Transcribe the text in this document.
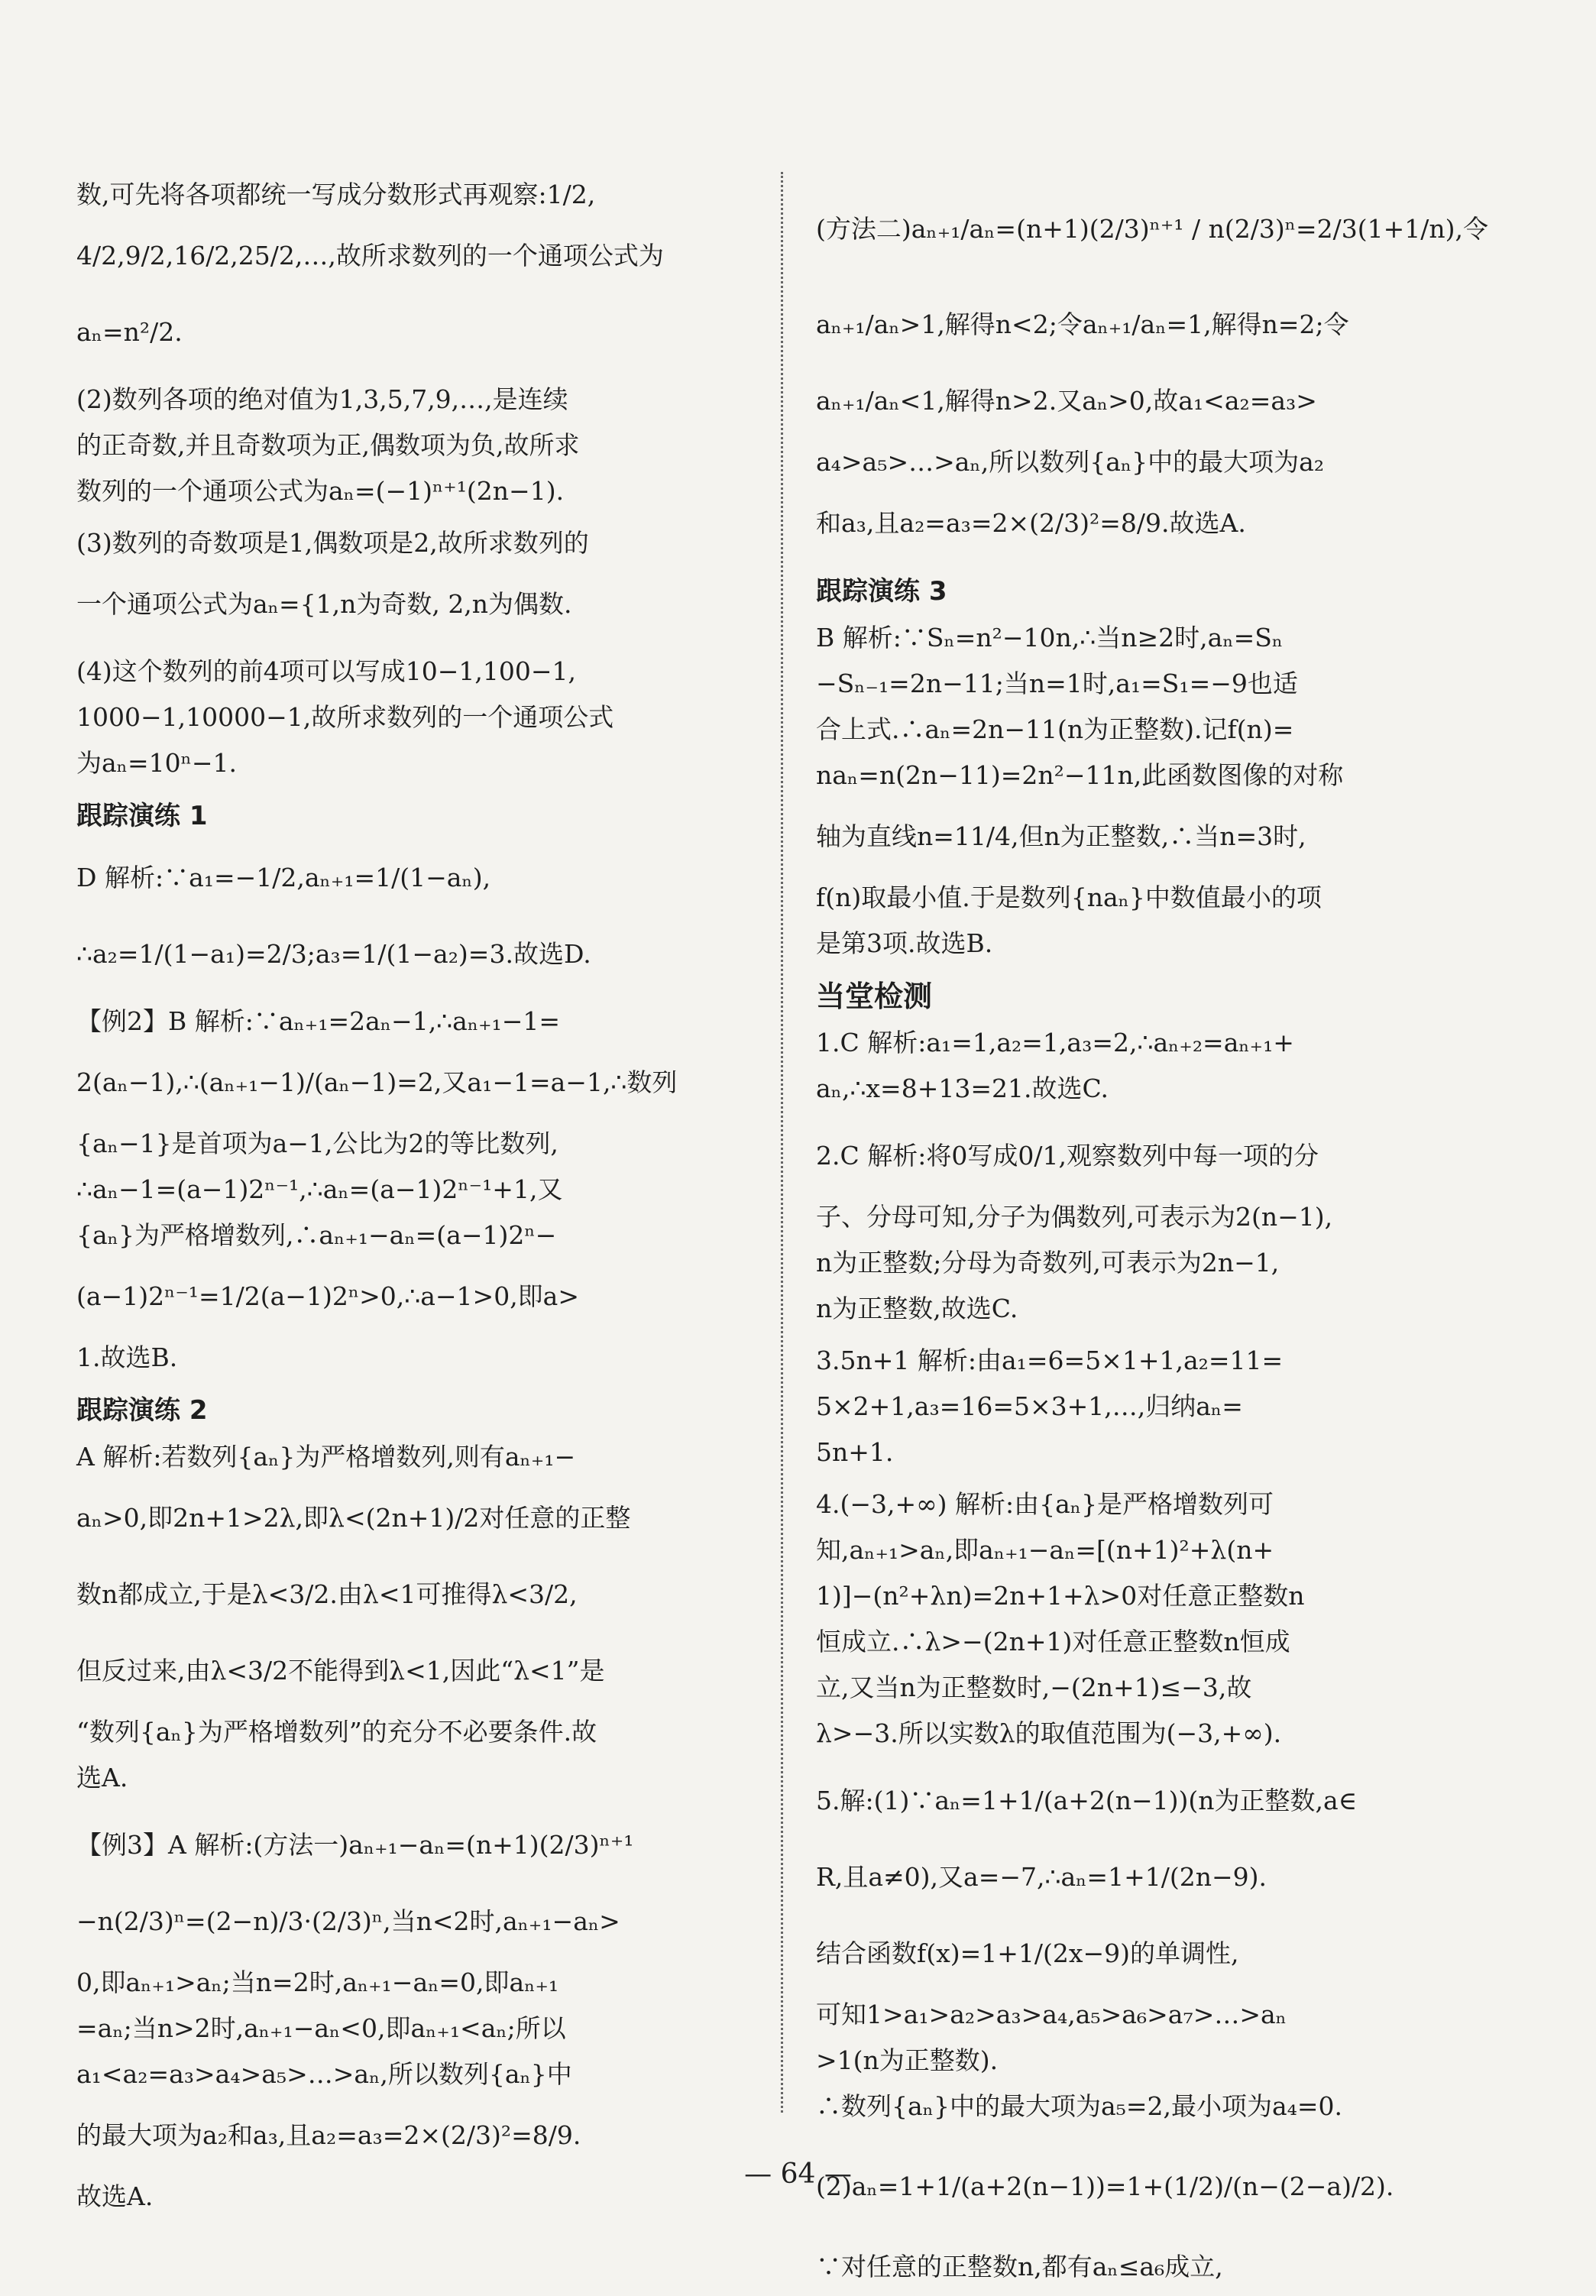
数,可先将各项都统一写成分数形式再观察:1/2,
4/2,9/2,16/2,25/2,…,故所求数列的一个通项公式为
aₙ=n²/2.
(2)数列各项的绝对值为1,3,5,7,9,…,是连续
的正奇数,并且奇数项为正,偶数项为负,故所求
数列的一个通项公式为aₙ=(−1)ⁿ⁺¹(2n−1).
(3)数列的奇数项是1,偶数项是2,故所求数列的
一个通项公式为aₙ={1,n为奇数, 2,n为偶数.
(4)这个数列的前4项可以写成10−1,100−1,
1000−1,10000−1,故所求数列的一个通项公式
为aₙ=10ⁿ−1.
跟踪演练 1
D 解析:∵a₁=−1/2,aₙ₊₁=1/(1−aₙ),
∴a₂=1/(1−a₁)=2/3;a₃=1/(1−a₂)=3.故选D.
【例2】B 解析:∵aₙ₊₁=2aₙ−1,∴aₙ₊₁−1=
2(aₙ−1),∴(aₙ₊₁−1)/(aₙ−1)=2,又a₁−1=a−1,∴数列
{aₙ−1}是首项为a−1,公比为2的等比数列,
∴aₙ−1=(a−1)2ⁿ⁻¹,∴aₙ=(a−1)2ⁿ⁻¹+1,又
{aₙ}为严格增数列,∴aₙ₊₁−aₙ=(a−1)2ⁿ−
(a−1)2ⁿ⁻¹=1/2(a−1)2ⁿ>0,∴a−1>0,即a>
1.故选B.
跟踪演练 2
A 解析:若数列{aₙ}为严格增数列,则有aₙ₊₁−
aₙ>0,即2n+1>2λ,即λ<(2n+1)/2对任意的正整
数n都成立,于是λ<3/2.由λ<1可推得λ<3/2,
但反过来,由λ<3/2不能得到λ<1,因此“λ<1”是
“数列{aₙ}为严格增数列”的充分不必要条件.故
选A.
【例3】A 解析:(方法一)aₙ₊₁−aₙ=(n+1)(2/3)ⁿ⁺¹
−n(2/3)ⁿ=(2−n)/3·(2/3)ⁿ,当n<2时,aₙ₊₁−aₙ>
0,即aₙ₊₁>aₙ;当n=2时,aₙ₊₁−aₙ=0,即aₙ₊₁
=aₙ;当n>2时,aₙ₊₁−aₙ<0,即aₙ₊₁<aₙ;所以
a₁<a₂=a₃>a₄>a₅>…>aₙ,所以数列{aₙ}中
的最大项为a₂和a₃,且a₂=a₃=2×(2/3)²=8/9.
故选A.
(方法二)aₙ₊₁/aₙ=(n+1)(2/3)ⁿ⁺¹ / n(2/3)ⁿ=2/3(1+1/n),令
aₙ₊₁/aₙ>1,解得n<2;令aₙ₊₁/aₙ=1,解得n=2;令
aₙ₊₁/aₙ<1,解得n>2.又aₙ>0,故a₁<a₂=a₃>
a₄>a₅>…>aₙ,所以数列{aₙ}中的最大项为a₂
和a₃,且a₂=a₃=2×(2/3)²=8/9.故选A.
跟踪演练 3
B 解析:∵Sₙ=n²−10n,∴当n≥2时,aₙ=Sₙ
−Sₙ₋₁=2n−11;当n=1时,a₁=S₁=−9也适
合上式.∴aₙ=2n−11(n为正整数).记f(n)=
naₙ=n(2n−11)=2n²−11n,此函数图像的对称
轴为直线n=11/4,但n为正整数,∴当n=3时,
f(n)取最小值.于是数列{naₙ}中数值最小的项
是第3项.故选B.
当堂检测
1.C 解析:a₁=1,a₂=1,a₃=2,∴aₙ₊₂=aₙ₊₁+
aₙ,∴x=8+13=21.故选C.
2.C 解析:将0写成0/1,观察数列中每一项的分
子、分母可知,分子为偶数列,可表示为2(n−1),
n为正整数;分母为奇数列,可表示为2n−1,
n为正整数,故选C.
3.5n+1 解析:由a₁=6=5×1+1,a₂=11=
5×2+1,a₃=16=5×3+1,…,归纳aₙ=
5n+1.
4.(−3,+∞) 解析:由{aₙ}是严格增数列可
知,aₙ₊₁>aₙ,即aₙ₊₁−aₙ=[(n+1)²+λ(n+
1)]−(n²+λn)=2n+1+λ>0对任意正整数n
恒成立.∴λ>−(2n+1)对任意正整数n恒成
立,又当n为正整数时,−(2n+1)≤−3,故
λ>−3.所以实数λ的取值范围为(−3,+∞).
5.解:(1)∵aₙ=1+1/(a+2(n−1))(n为正整数,a∈
R,且a≠0),又a=−7,∴aₙ=1+1/(2n−9).
结合函数f(x)=1+1/(2x−9)的单调性,
可知1>a₁>a₂>a₃>a₄,a₅>a₆>a₇>…>aₙ
>1(n为正整数).
∴数列{aₙ}中的最大项为a₅=2,最小项为a₄=0.
(2)aₙ=1+1/(a+2(n−1))=1+(1/2)/(n−(2−a)/2).
∵对任意的正整数n,都有aₙ≤a₆成立,
— 64 —
